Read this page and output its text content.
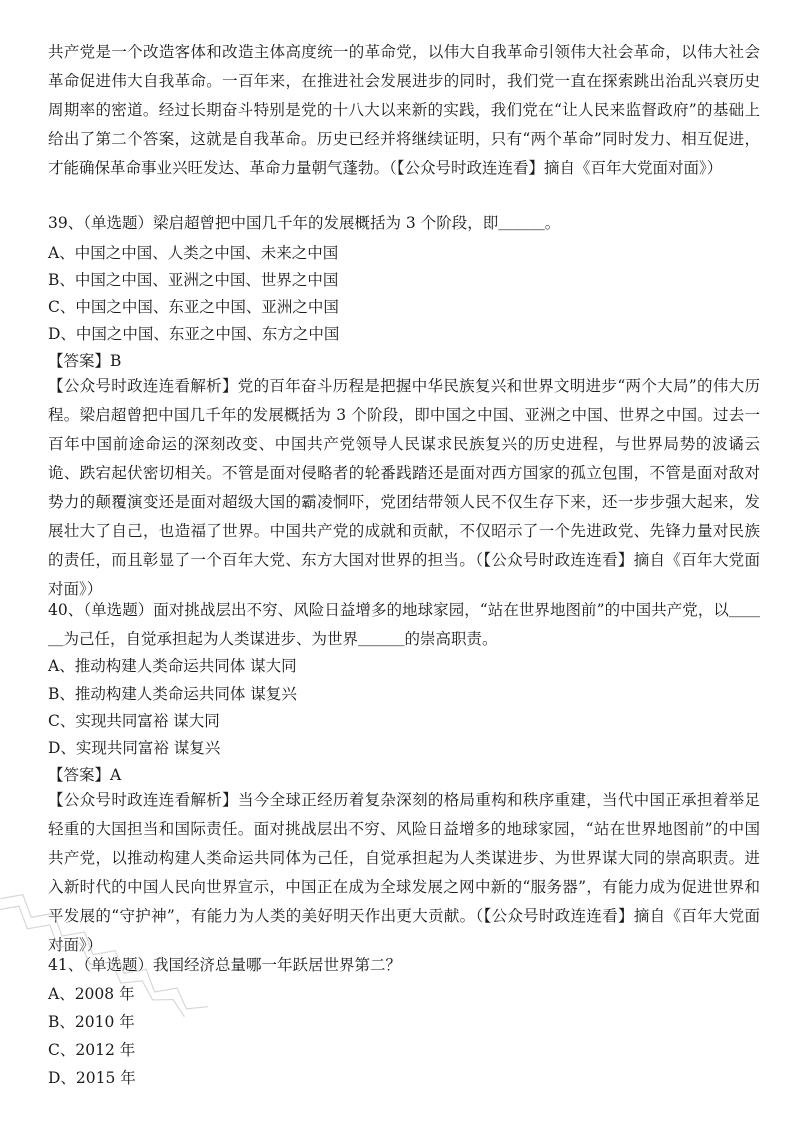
共产党是一个改造客体和改造主体高度统一的革命党，以伟大自我革命引领伟大社会革命，以伟大社会革命促进伟大自我革命。一百年来，在推进社会发展进步的同时，我们党一直在探索跳出治乱兴衰历史周期率的密道。经过长期奋斗特别是党的十八大以来新的实践，我们党在“让人民来监督政府”的基础上给出了第二个答案，这就是自我革命。历史已经并将继续证明，只有“两个革命”同时发力、相互促进，才能确保革命事业兴旺发达、革命力量朝气蓬勃。（【公众号时政连连看】摘自《百年大党面对面》）

39、（单选题）梁启超曾把中国几千年的发展概括为 3 个阶段，即＿＿＿。

A、中国之中国、人类之中国、未来之中国

B、中国之中国、亚洲之中国、世界之中国

C、中国之中国、东亚之中国、亚洲之中国

D、中国之中国、东亚之中国、东方之中国

【答案】B

【公众号时政连连看解析】党的百年奋斗历程是把握中华民族复兴和世界文明进步“两个大局”的伟大历程。梁启超曾把中国几千年的发展概括为 3 个阶段，即中国之中国、亚洲之中国、世界之中国。过去一百年中国前途命运的深刻改变、中国共产党领导人民谋求民族复兴的历史进程，与世界局势的波谲云诡、跌宕起伏密切相关。不管是面对侵略者的轮番践踏还是面对西方国家的孤立包围，不管是面对敌对势力的颠覆演变还是面对超级大国的霸凌恫吓，党团结带领人民不仅生存下来，还一步步强大起来，发展壮大了自己，也造福了世界。中国共产党的成就和贡献，不仅昭示了一个先进政党、先锋力量对民族的责任，而且彰显了一个百年大党、东方大国对世界的担当。（【公众号时政连连看】摘自《百年大党面对面》）

40、（单选题）面对挑战层出不穷、风险日益增多的地球家园，“站在世界地图前”的中国共产党，以＿＿＿为己任，自觉承担起为人类谋进步、为世界＿＿＿的崇高职责。

A、推动构建人类命运共同体 谋大同

B、推动构建人类命运共同体 谋复兴

C、实现共同富裕 谋大同

D、实现共同富裕 谋复兴

【答案】A

【公众号时政连连看解析】当今全球正经历着复杂深刻的格局重构和秩序重建，当代中国正承担着举足轻重的大国担当和国际责任。面对挑战层出不穷、风险日益增多的地球家园，“站在世界地图前”的中国共产党，以推动构建人类命运共同体为己任，自觉承担起为人类谋进步、为世界谋大同的崇高职责。进入新时代的中国人民向世界宣示，中国正在成为全球发展之网中新的“服务器”，有能力成为促进世界和平发展的“守护神”，有能力为人类的美好明天作出更大贡献。（【公众号时政连连看】摘自《百年大党面对面》）

41、（单选题）我国经济总量哪一年跃居世界第二？

A、2008 年

B、2010 年

C、2012 年

D、2015 年
